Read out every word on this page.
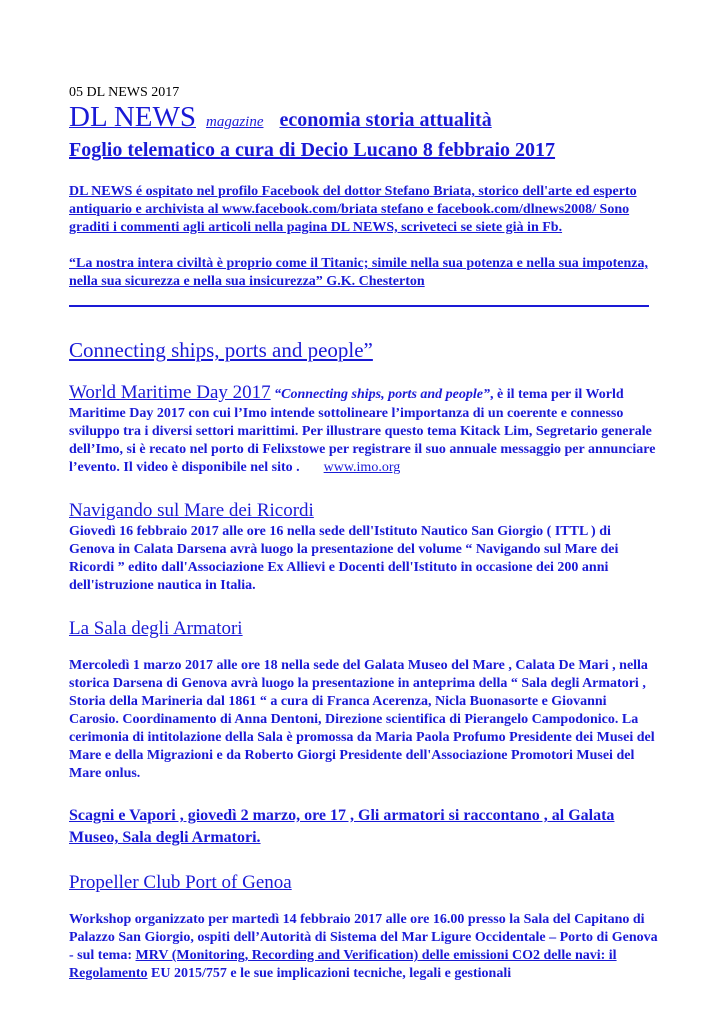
05 DL NEWS 2017

DL NEWS magazine economia storia attualità

Foglio telematico a cura di Decio Lucano 8 febbraio 2017

DL NEWS é ospitato nel profilo Facebook del dottor Stefano Briata, storico dell'arte ed esperto antiquario e archivista al www.facebook.com/briata stefano e facebook.com/dlnews2008/ Sono graditi i commenti agli articoli nella pagina DL NEWS, scriveteci se siete già in Fb.

“La nostra intera civiltà è proprio come il Titanic; simile nella sua potenza e nella sua impotenza, nella sua sicurezza e nella sua insicurezza” G.K. Chesterton

Connecting ships, ports and people”

World Maritime Day 2017 “Connecting ships, ports and people”, è il tema per il World Maritime Day 2017 con cui l’Imo intende sottolineare l’importanza di un coerente e connesso sviluppo tra i diversi settori marittimi. Per illustrare questo tema Kitack Lim, Segretario generale dell’Imo, si è recato nel porto di Felixstowe per registrare il suo annuale messaggio per annunciare l’evento. Il video è disponibile nel sito . www.imo.org

Navigando sul Mare dei Ricordi

Giovedì 16 febbraio 2017 alle ore 16 nella sede dell'Istituto Nautico San Giorgio ( ITTL ) di Genova in Calata Darsena avrà luogo la presentazione del volume “ Navigando sul Mare dei Ricordi ” edito dall'Associazione Ex Allievi e Docenti dell'Istituto in occasione dei 200 anni dell'istruzione nautica in Italia.

La Sala degli Armatori

Mercoledì 1 marzo 2017 alle ore 18 nella sede del Galata Museo del Mare , Calata De Mari , nella storica Darsena di Genova avrà luogo la presentazione in anteprima della “ Sala degli Armatori , Storia della Marineria dal 1861 “ a cura di Franca Acerenza, Nicla Buonasorte e Giovanni Carosio. Coordinamento di Anna Dentoni, Direzione scientifica di Pierangelo Campodonico. La cerimonia di intitolazione della Sala è promossa da Maria Paola Profumo Presidente dei Musei del Mare e della Migrazioni e da Roberto Giorgi Presidente dell'Associazione Promotori Musei del Mare onlus.

Scagni e Vapori , giovedì 2 marzo, ore 17 , Gli armatori si raccontano , al Galata Museo, Sala degli Armatori.
Propeller Club Port of Genoa

Workshop organizzato per martedì 14 febbraio 2017 alle ore 16.00 presso la Sala del Capitano di Palazzo San Giorgio, ospiti dell’Autorità di Sistema del Mar Ligure Occidentale – Porto di Genova - sul tema: MRV (Monitoring, Recording and Verification) delle emissioni CO2 delle navi: il Regolamento EU 2015/757 e le sue implicazioni tecniche, legali e gestionali
